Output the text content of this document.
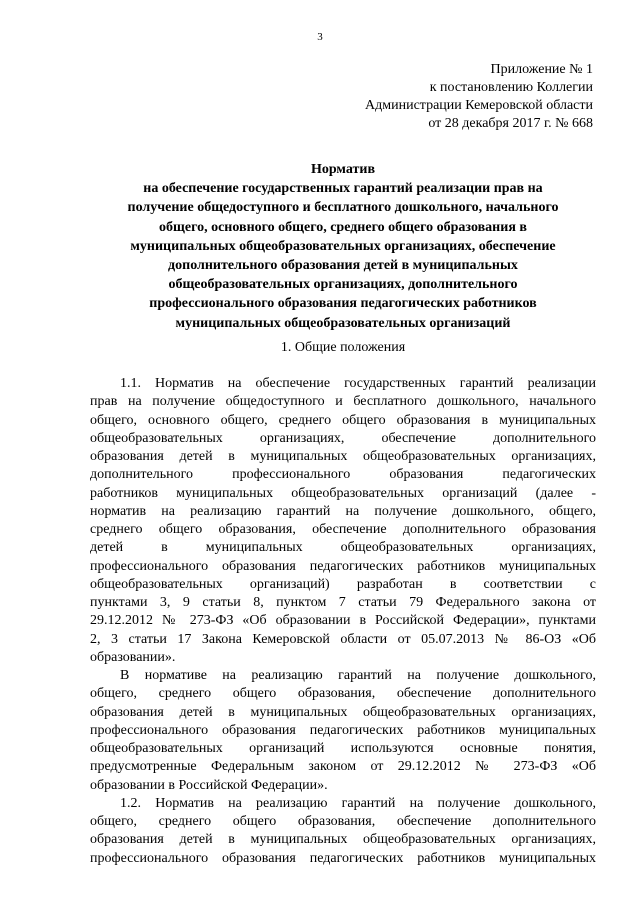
3
Приложение № 1
к постановлению Коллегии
Администрации Кемеровской области
от 28 декабря 2017 г. № 668
Норматив
на обеспечение государственных гарантий реализации прав на
получение общедоступного и бесплатного дошкольного, начального
общего, основного общего, среднего общего образования в
муниципальных общеобразовательных организациях, обеспечение
дополнительного образования детей в муниципальных
общеобразовательных организациях, дополнительного
профессионального образования педагогических работников
муниципальных общеобразовательных организаций
1. Общие положения
1.1. Норматив на обеспечение государственных гарантий реализации
прав на получение общедоступного и бесплатного дошкольного, начального
общего, основного общего, среднего общего образования в муниципальных
общеобразовательных организациях, обеспечение дополнительного
образования детей в муниципальных общеобразовательных организациях,
дополнительного профессионального образования педагогических
работников муниципальных общеобразовательных организаций (далее -
норматив на реализацию гарантий на получение дошкольного, общего,
среднего общего образования, обеспечение дополнительного образования
детей в муниципальных общеобразовательных организациях,
профессионального образования педагогических работников муниципальных
общеобразовательных организаций) разработан в соответствии с
пунктами 3, 9 статьи 8, пунктом 7 статьи 79 Федерального закона от
29.12.2012 № 273-ФЗ «Об образовании в Российской Федерации», пунктами
2, 3 статьи 17 Закона Кемеровской области от 05.07.2013 № 86-ОЗ «Об
образовании».
В нормативе на реализацию гарантий на получение дошкольного,
общего, среднего общего образования, обеспечение дополнительного
образования детей в муниципальных общеобразовательных организациях,
профессионального образования педагогических работников муниципальных
общеобразовательных организаций используются основные понятия,
предусмотренные Федеральным законом от 29.12.2012 № 273-ФЗ «Об
образовании в Российской Федерации».
1.2. Норматив на реализацию гарантий на получение дошкольного,
общего, среднего общего образования, обеспечение дополнительного
образования детей в муниципальных общеобразовательных организациях,
профессионального образования педагогических работников муниципальных
